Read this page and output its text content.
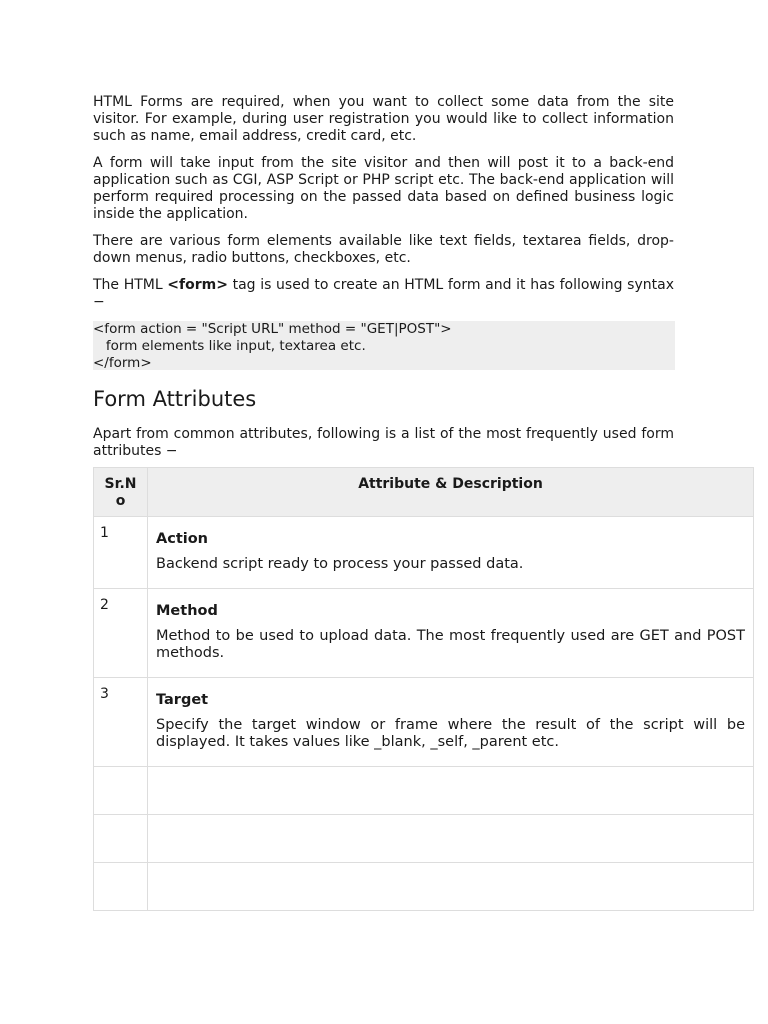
HTML Forms are required, when you want to collect some data from the site visitor. For example, during user registration you would like to collect information such as name, email address, credit card, etc.

A form will take input from the site visitor and then will post it to a back-end application such as CGI, ASP Script or PHP script etc. The back-end application will perform required processing on the passed data based on defined business logic inside the application.

There are various form elements available like text fields, textarea fields, drop-down menus, radio buttons, checkboxes, etc.

The HTML <form> tag is used to create an HTML form and it has following syntax −

<form action = "Script URL" method = "GET|POST">
form elements like input, textarea etc.
</form>
Form Attributes

Apart from common attributes, following is a list of the most frequently used form attributes −

Sr.No	Attribute & Description
1	Action
Backend script ready to process your passed data.

2	Method
Method to be used to upload data. The most frequently used are GET and POST methods.

3	Target
Specify the target window or frame where the result of the script will be displayed. It takes values like _blank, _self, _parent etc.
